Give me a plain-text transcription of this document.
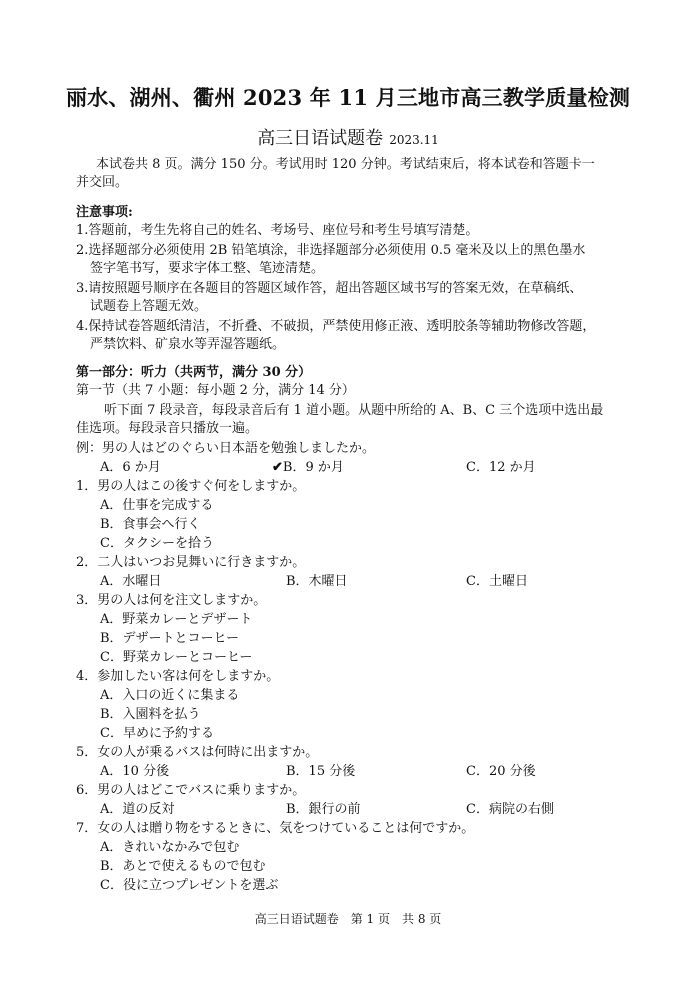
丽水、湖州、衢州 2023 年 11 月三地市高三教学质量检测
高三日语试题卷 2023.11
本试卷共 8 页。满分 150 分。考试用时 120 分钟。考试结束后，将本试卷和答题卡一
并交回。
注意事项:
1.答题前，考生先将自己的姓名、考场号、座位号和考生号填写清楚。
2.选择题部分必须使用 2B 铅笔填涂，非选择题部分必须使用 0.5 毫米及以上的黑色墨水
签字笔书写，要求字体工整、笔迹清楚。
3.请按照题号顺序在各题目的答题区域作答，超出答题区域书写的答案无效，在草稿纸、
试题卷上答题无效。
4.保持试卷答题纸清洁，不折叠、不破损，严禁使用修正液、透明胶条等辅助物修改答题，
严禁饮料、矿泉水等弄湿答题纸。
第一部分：听力（共两节，满分 30 分）
第一节（共 7 小题：每小题 2 分，满分 14 分）
听下面 7 段录音，每段录音后有 1 道小题。从题中所给的 A、B、C 三个选项中选出最
佳选项。每段录音只播放一遍。
例：男の人はどのぐらい日本語を勉強しましたか。
A．6 か月	✔B．9 か月	C．12 か月
1．男の人はこの後すぐ何をしますか。
A．仕事を完成する
B．食事会へ行く
C．タクシーを拾う
2．二人はいつお見舞いに行きますか。
A．水曜日	B．木曜日	C．土曜日
3．男の人は何を注文しますか。
A．野菜カレーとデザート
B．デザートとコーヒー
C．野菜カレーとコーヒー
4．参加したい客は何をしますか。
A．入口の近くに集まる
B．入園料を払う
C．早めに予約する
5．女の人が乗るバスは何時に出ますか。
A．10 分後	B．15 分後	C．20 分後
6．男の人はどこでバスに乗りますか。
A．道の反対	B．銀行の前	C．病院の右側
7．女の人は贈り物をするときに、気をつけていることは何ですか。
A．きれいなかみで包む
B．あとで使えるもので包む
C．役に立つプレゼントを選ぶ
高三日语试题卷　第 1 页　共 8 页
